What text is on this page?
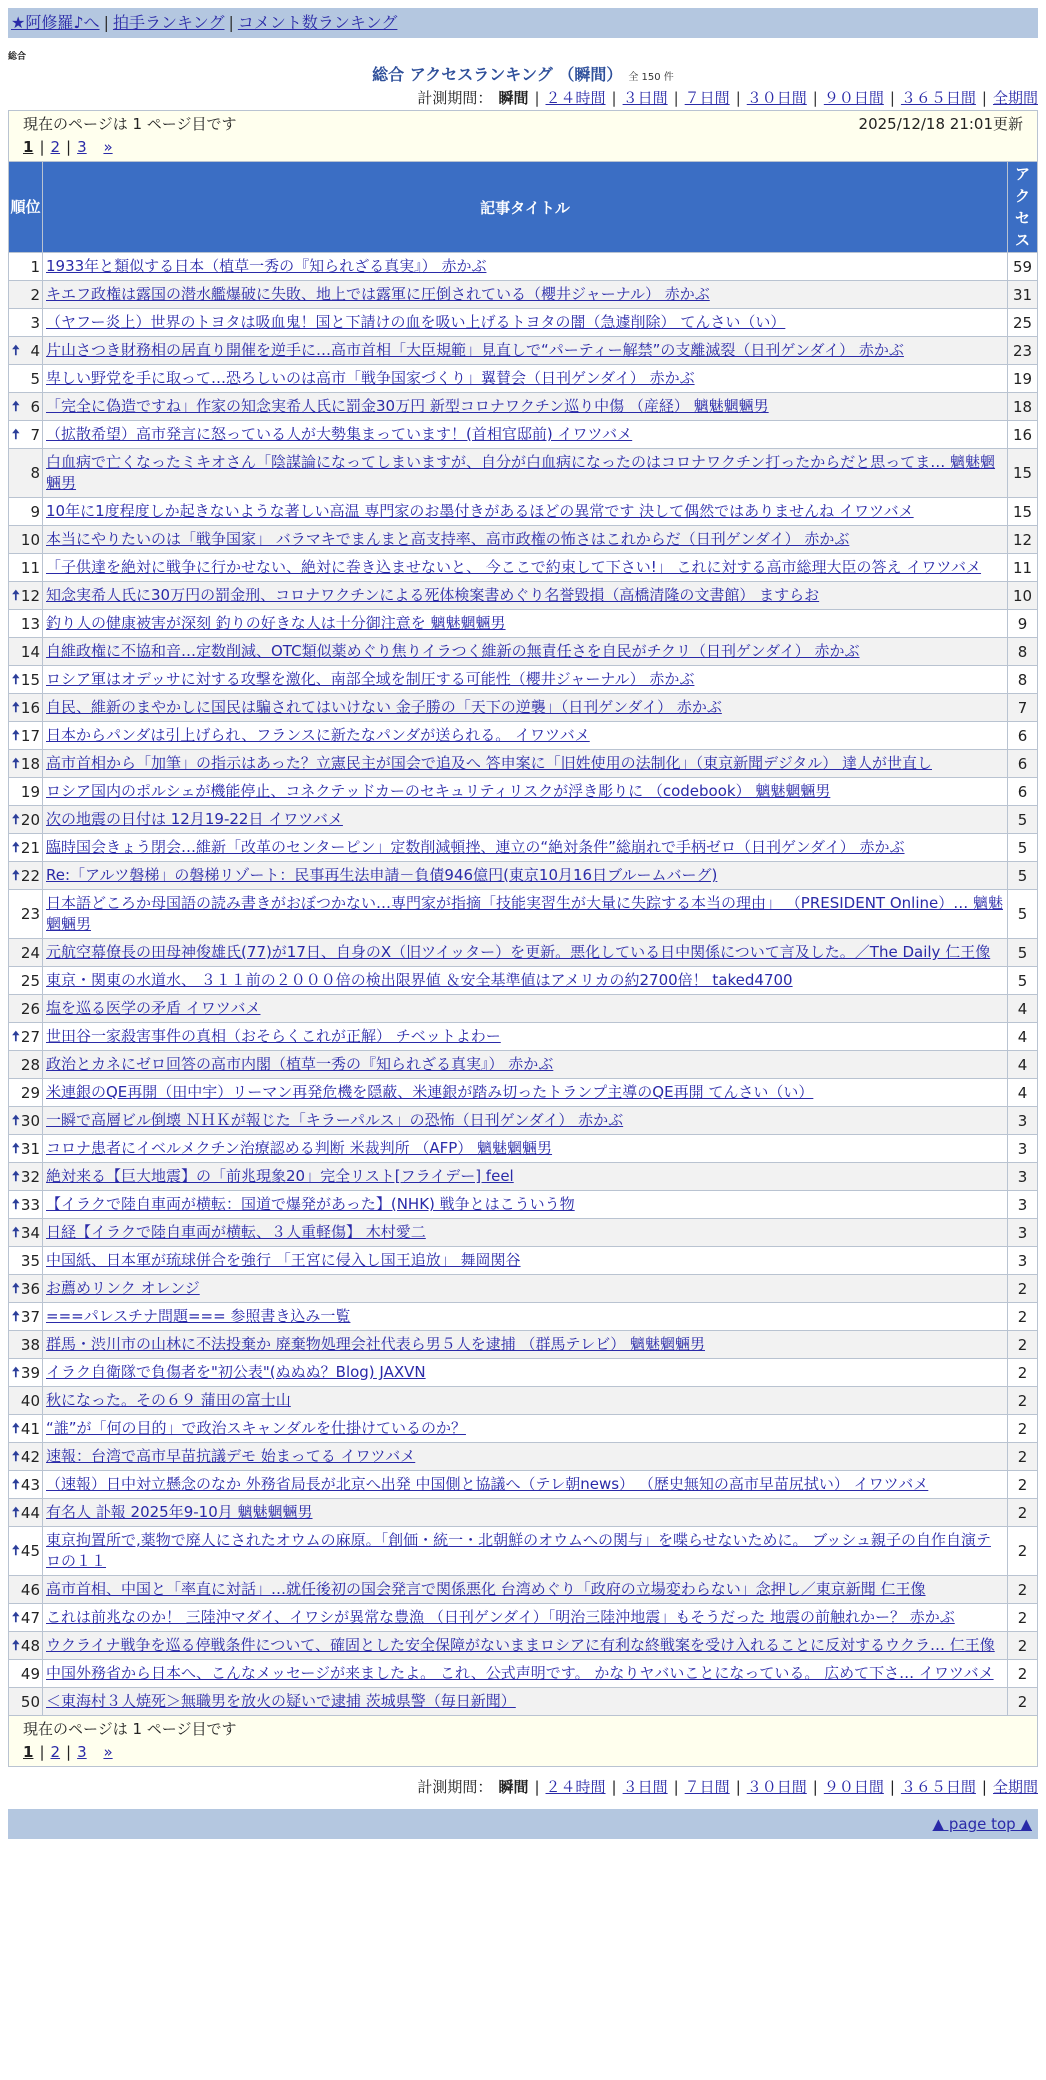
★阿修羅♪へ | 拍手ランキング | コメント数ランキング
総合
総合 アクセスランキング （瞬間） 全 150 件
計測期間： 瞬間 | ２４時間 | ３日間 | ７日間 | ３０日間 | ９０日間 | ３６５日間 | 全期間
現在のページは 1 ページ目です 2025/12/18 21:01更新
1 | 2 | 3 »		

順位	記事タイトル	アクセス
1	1933年と類似する日本（植草一秀の『知られざる真実』） 赤かぶ	59
2	キエフ政権は露国の潜水艦爆破に失敗、地上では露軍に圧倒されている（櫻井ジャーナル） 赤かぶ	31
3	（ヤフー炎上）世界のトヨタは吸血鬼！国と下請けの血を吸い上げるトヨタの闇（急遽削除） てんさい（い）	25

🠅 4	片山さつき財務相の居直り開催を逆手に…高市首相「大臣規範」見直しで“パーティー解禁”の支離滅裂（日刊ゲンダイ） 赤かぶ	23
5	卑しい野党を手に取って…恐ろしいのは高市「戦争国家づくり」翼賛会（日刊ゲンダイ） 赤かぶ	19

🠅 6	「完全に偽造ですね」作家の知念実希人氏に罰金30万円 新型コロナワクチン巡り中傷 （産経） 魑魅魍魎男	18

🠅 7	（拡散希望）高市発言に怒っている人が大勢集まっています！(首相官邸前) イワツバメ	16
8	白血病で亡くなったミキオさん「陰謀論になってしまいますが、自分が白血病になったのはコロナワクチン打ったからだと思ってま… 魑魅魍魎男	15
9	10年に1度程度しか起きないような著しい高温 専門家のお墨付きがあるほどの異常です 決して偶然ではありませんね イワツバメ	15
10	本当にやりたいのは「戦争国家」 バラマキでまんまと高支持率、高市政権の怖さはこれからだ（日刊ゲンダイ） 赤かぶ	12
11	「子供達を絶対に戦争に行かせない、絶対に巻き込ませないと、 今ここで約束して下さい!」 これに対する高市総理大臣の答え イワツバメ	11

🠅 12	知念実希人氏に30万円の罰金刑、コロナワクチンによる死体検案書めぐり名誉毀損（高橋清隆の文書館） ますらお	10
13	釣り人の健康被害が深刻 釣りの好きな人は十分御注意を 魑魅魍魎男	9
14	自維政権に不協和音…定数削減、OTC類似薬めぐり焦りイラつく維新の無責任さを自民がチクリ（日刊ゲンダイ） 赤かぶ	8

🠅 15	ロシア軍はオデッサに対する攻撃を激化、南部全域を制圧する可能性（櫻井ジャーナル） 赤かぶ	8

🠅 16	自民、維新のまやかしに国民は騙されてはいけない 金子勝の「天下の逆襲」（日刊ゲンダイ） 赤かぶ	7

🠅 17	日本からパンダは引上げられ、フランスに新たなパンダが送られる。 イワツバメ	6

🠅 18	高市首相から「加筆」の指示はあった？立憲民主が国会で追及へ 答申案に「旧姓使用の法制化」（東京新聞デジタル） 達人が世直し	6
19	ロシア国内のポルシェが機能停止、コネクテッドカーのセキュリティリスクが浮き彫りに （codebook） 魑魅魍魎男	6

🠅 20	次の地震の日付は 12月19-22日 イワツバメ	5

🠅 21	臨時国会きょう閉会…維新「改革のセンターピン」定数削減頓挫、連立の“絶対条件”総崩れで手柄ゼロ（日刊ゲンダイ） 赤かぶ	5

🠅 22	Re:「アルツ磐梯」の磐梯リゾート：民事再生法申請－負債946億円(東京10月16日ブルームバーグ)	5
23	日本語どころか母国語の読み書きがおぼつかない…専門家が指摘「技能実習生が大量に失踪する本当の理由」 （PRESIDENT Online）… 魑魅魍魎男	5
24	元航空幕僚長の田母神俊雄氏(77)が17日、自身のX（旧ツイッター）を更新。悪化している日中関係について言及した。／The Daily 仁王像	5
25	東京・関東の水道水、 ３１１前の２０００倍の検出限界値 ＆安全基準値はアメリカの約2700倍！ taked4700	5
26	塩を巡る医学の矛盾 イワツバメ	4

🠅 27	世田谷一家殺害事件の真相（おそらくこれが正解） チベットよわー	4
28	政治とカネにゼロ回答の高市内閣（植草一秀の『知られざる真実』） 赤かぶ	4
29	米連銀のQE再開（田中宇）リーマン再発危機を隠蔽、米連銀が踏み切ったトランプ主導のQE再開 てんさい（い）	4

🠅 30	一瞬で高層ビル倒壊 ＮＨＫが報じた「キラーパルス」の恐怖（日刊ゲンダイ） 赤かぶ	3

🠅 31	コロナ患者にイベルメクチン治療認める判断 米裁判所 （AFP） 魑魅魍魎男	3

🠅 32	絶対来る【巨大地震】の「前兆現象20」完全リスト[フライデー] feel	3

🠅 33	【イラクで陸自車両が横転：国道で爆発があった】(NHK) 戦争とはこういう物	3

🠅 34	日経【イラクで陸自車両が横転、３人重軽傷】 木村愛二	3
35	中国紙、日本軍が琉球併合を強行 「王宮に侵入し国王追放」 舞岡関谷	3

🠅 36	お薦めリンク オレンジ	2

🠅 37	===パレスチナ問題=== 参照書き込み一覧	2
38	群馬・渋川市の山林に不法投棄か 廃棄物処理会社代表ら男５人を逮捕 （群馬テレビ） 魑魅魍魎男	2

🠅 39	イラク自衛隊で負傷者を"初公表"(ぬぬぬ？Blog) JAXVN	2
40	秋になった。その６９ 蒲田の富士山	2

🠅 41	“誰”が「何の目的」で政治スキャンダルを仕掛けているのか？	2

🠅 42	速報：台湾で高市早苗抗議デモ 始まってる イワツバメ	2

🠅 43	（速報）日中対立懸念のなか 外務省局長が北京へ出発 中国側と協議へ（テレ朝news） （歴史無知の高市早苗尻拭い） イワツバメ	2

🠅 44	有名人 訃報 2025年9-10月 魑魅魍魎男	2

🠅 45	東京拘置所で,薬物で廃人にされたオウムの麻原。「創価・統一・北朝鮮のオウムへの関与」を喋らせないために。 ブッシュ親子の自作自演テロの１１	2
46	高市首相、中国と「率直に対話」…就任後初の国会発言で関係悪化 台湾めぐり「政府の立場変わらない」念押し／東京新聞 仁王像	2

🠅 47	これは前兆なのか！ 三陸沖マダイ、イワシが異常な豊漁 （日刊ゲンダイ）「明治三陸沖地震」もそうだった 地震の前触れかー？ 赤かぶ	2

🠅 48	ウクライナ戦争を巡る停戦条件について、確固とした安全保障がないままロシアに有利な終戦案を受け入れることに反対するウクラ… 仁王像	2
49	中国外務省から日本へ、こんなメッセージが来ましたよ。 これ、公式声明です。 かなりヤバいことになっている。 広めて下さ… イワツバメ	2
50	＜東海村３人焼死＞無職男を放火の疑いで逮捕 茨城県警（毎日新聞）	2

現在のページは 1 ページ目です
1 | 2 | 3 »		
計測期間： 瞬間 | ２４時間 | ３日間 | ７日間 | ３０日間 | ９０日間 | ３６５日間 | 全期間
▲ page top ▲
